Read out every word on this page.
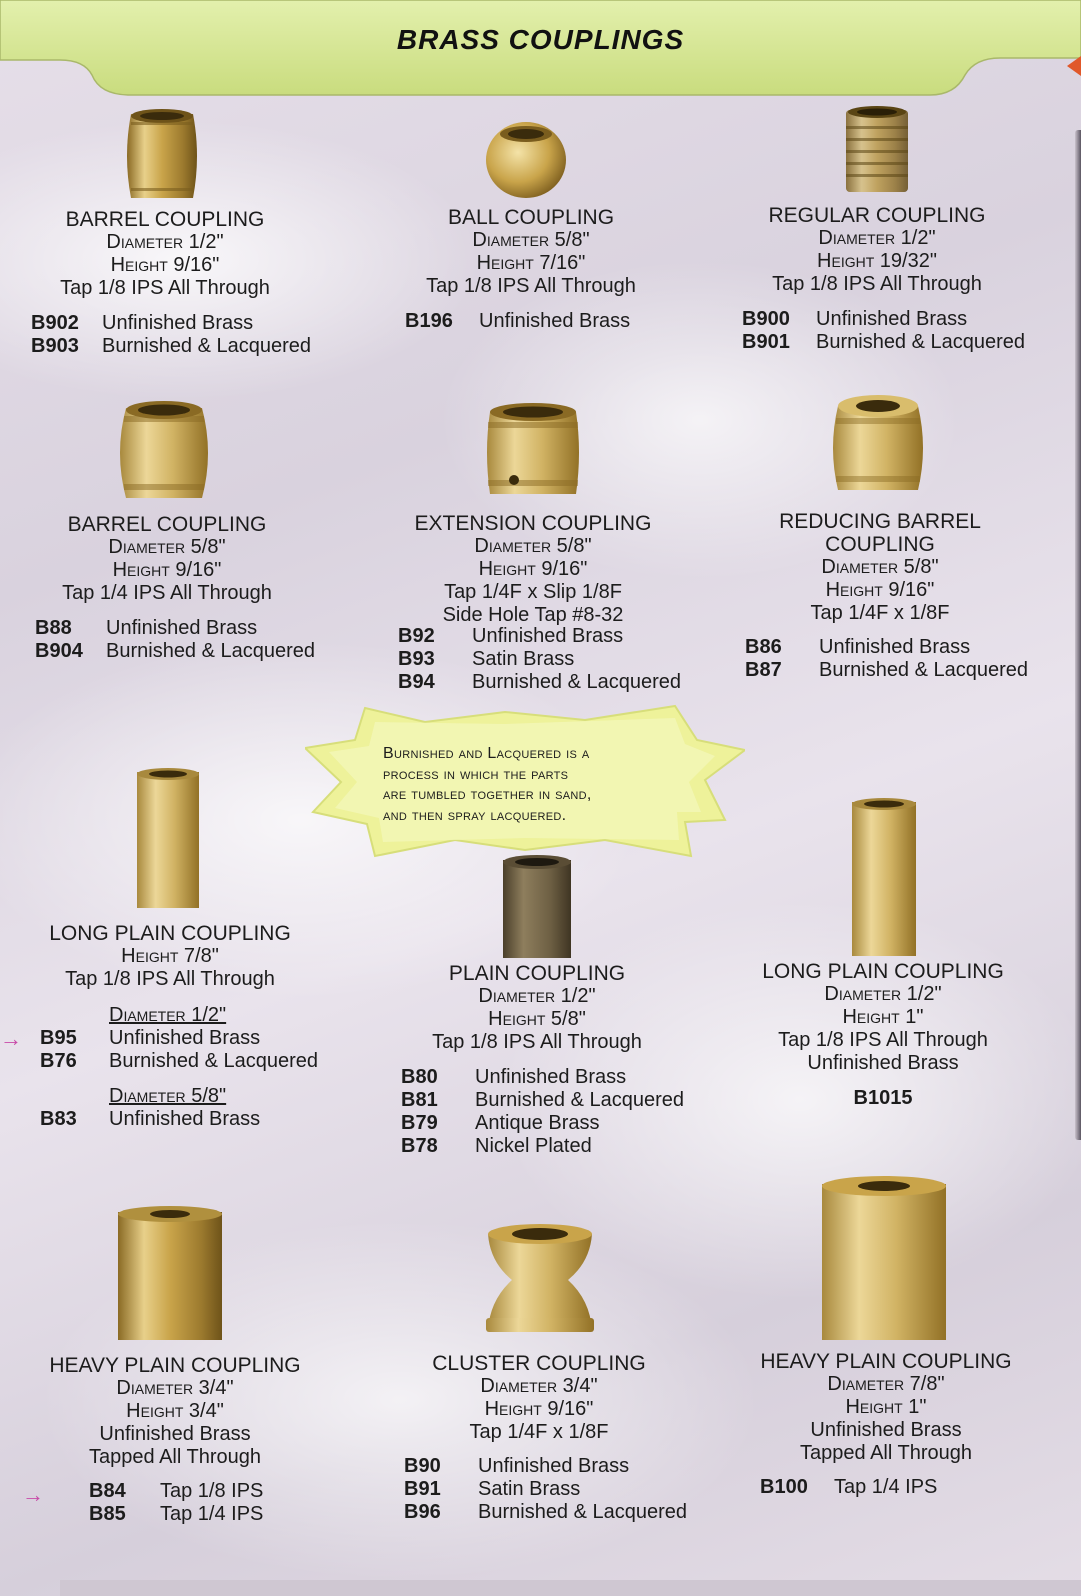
BRASS COUPLINGS
BARREL COUPLING
Diameter 1/2"
Height 9/16"
Tap 1/8 IPS All Through
B902	Unfinished Brass
B903	Burnished & Lacquered
BALL COUPLING
Diameter 5/8"
Height 7/16"
Tap 1/8 IPS All Through
B196	Unfinished Brass
REGULAR COUPLING
Diameter 1/2"
Height 19/32"
Tap 1/8 IPS All Through
B900	Unfinished Brass
B901	Burnished & Lacquered
BARREL COUPLING
Diameter 5/8"
Height 9/16"
Tap 1/4 IPS All Through
B88	Unfinished Brass
B904	Burnished & Lacquered
EXTENSION COUPLING
Diameter 5/8"
Height 9/16"
Tap 1/4F x Slip 1/8F
Side Hole Tap #8-32
B92	Unfinished Brass
B93	Satin Brass
B94	Burnished & Lacquered
REDUCING BARREL
COUPLING
Diameter 5/8"
Height 9/16"
Tap 1/4F x 1/8F
B86	Unfinished Brass
B87	Burnished & Lacquered
Burnished and Lacquered is a
process in which the parts
are tumbled together in sand,
and then spray lacquered.
LONG PLAIN COUPLING
Height 7/8"
Tap 1/8 IPS All Through
Diameter 1/2"
B95	Unfinished Brass
B76	Burnished & Lacquered
Diameter 5/8"
B83	Unfinished Brass
→
PLAIN COUPLING
Diameter 1/2"
Height 5/8"
Tap 1/8 IPS All Through
B80	Unfinished Brass
B81	Burnished & Lacquered
B79	Antique Brass
B78	Nickel Plated
LONG PLAIN COUPLING
Diameter 1/2"
Height 1"
Tap 1/8 IPS All Through
Unfinished Brass
B1015
HEAVY PLAIN COUPLING
Diameter 3/4"
Height 3/4"
Unfinished Brass
Tapped All Through
B84	Tap 1/8 IPS
B85	Tap 1/4 IPS
→
CLUSTER COUPLING
Diameter 3/4"
Height 9/16"
Tap 1/4F x 1/8F
B90	Unfinished Brass
B91	Satin Brass
B96	Burnished & Lacquered
HEAVY PLAIN COUPLING
Diameter 7/8"
Height 1"
Unfinished Brass
Tapped All Through
B100	Tap 1/4 IPS
